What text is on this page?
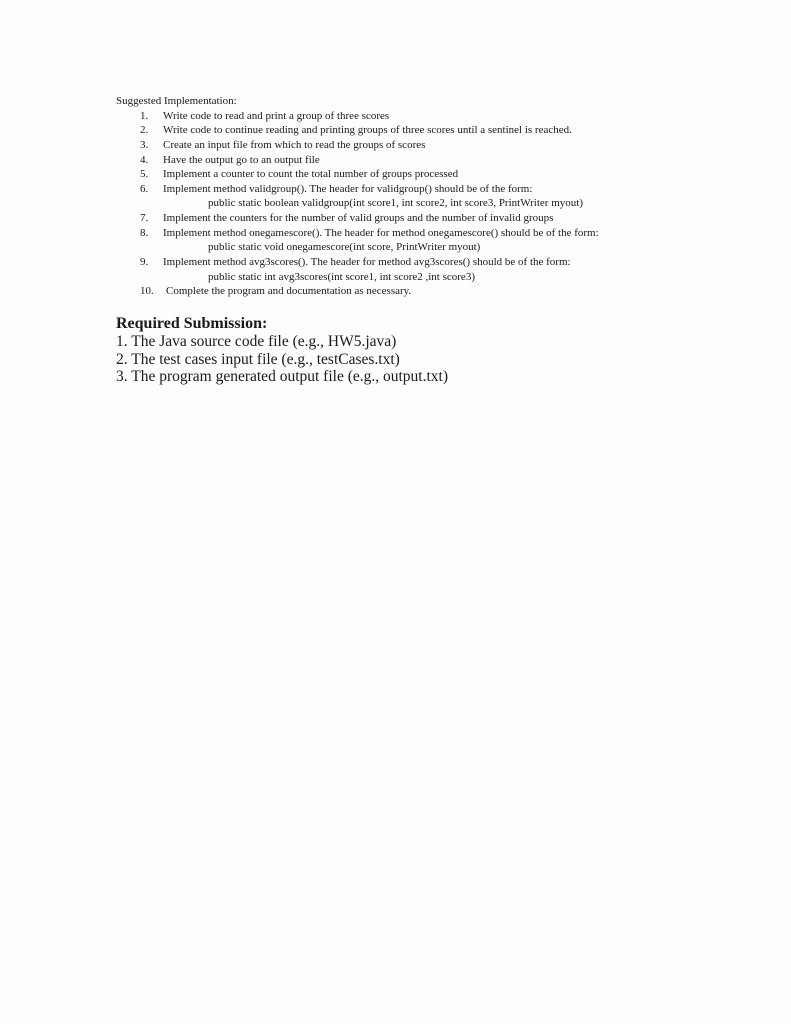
Suggested Implementation:
1.	Write code to read and print a group of three scores
2.	Write code to continue reading and printing groups of three scores until a sentinel is reached.
3.	Create an input file from which to read the groups of scores
4.	Have the output go to an output file
5.	Implement a counter to count the total number of groups processed
6.	Implement method validgroup(). The header for validgroup() should be of the form:
public static boolean validgroup(int score1, int score2, int score3, PrintWriter myout)
7.	Implement the counters for the number of valid groups and the number of invalid groups
8.	Implement method onegamescore(). The header for method onegamescore() should be of the form:
public static void onegamescore(int score, PrintWriter myout)
9.	Implement method avg3scores(). The header for method avg3scores() should be of the form:
public static int avg3scores(int score1, int score2 ,int score3)
10. Complete the program and documentation as necessary.
Required Submission:
1. The Java source code file (e.g., HW5.java)
2. The test cases input file (e.g., testCases.txt)
3. The program generated output file (e.g., output.txt)
